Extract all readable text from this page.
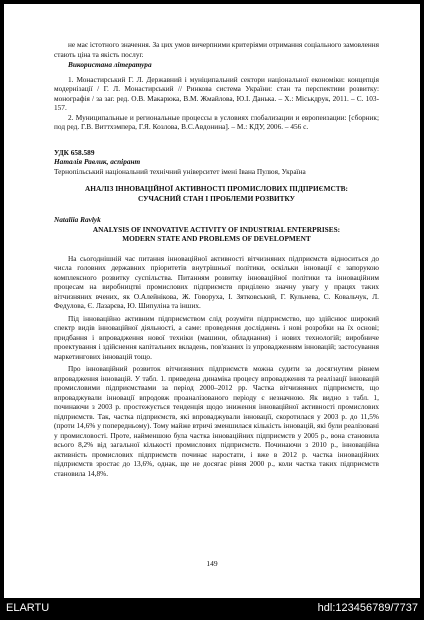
не має істотного значення. За цих умов вичерпними критеріями отримання соціального замовлення стають ціна та якість послуг.

Використана література

1. Монастирський Г. Л. Державний і муніципальний сектори національної економіки: концепція модернізації / Г. Л. Монастирський // Ринкова система України: стан та перспективи розвитку: монографія / за заг. ред. О.В. Макарюка, В.М. Жмайлова, Ю.І. Данька. – Х.: Міськдрук, 2011. – С. 103-157.

2. Муниципальные и региональные процессы в условиях глобализации и европеизации: [сборник; под ред. Г.В. Виттхэмпера, Г.Я. Козлова, В.С.Авдонина]. – М.: КДУ, 2006. – 456 с.

УДК 658.589

Наталія Равлик, аспірант

Тернопільський національний технічний університет імені Івана Пулюя, Україна

АНАЛІЗ ІННОВАЦІЙНОЇ АКТИВНОСТІ ПРОМИСЛОВИХ ПІДПРИЄМСТВ:
СУЧАСНИЙ СТАН І ПРОБЛЕМИ РОЗВИТКУ

Nataliia Ravlyk

ANALYSIS OF INNOVATIVE ACTIVITY OF INDUSTRIAL ENTERPRISES:
MODERN STATE AND PROBLEMS OF DEVELOPMENT

На сьогоднішній час питання інноваційної активності вітчизняних підприємств відноситься до числа головних державних пріоритетів внутрішньої політики, оскільки інновації є запорукою комплексного розвитку суспільства. Питанням розвитку інноваційної політики та інноваційним процесам на виробництві промислових підприємств приділено значну увагу у працях таких вітчизняних вчених, як О.Алейнікова, Ж. Говоруха, І. Зятковський, Г. Кульнева, С. Ковальчук, Л. Федулова, Є. Лазарєва, Ю. Шипуліна та інших.

Під інноваційно активним підприємством слід розуміти підприємство, що здійснює широкий спектр видів інноваційної діяльності, а саме: проведення досліджень і нові розробки на їх основі; придбання і впровадження нової техніки (машини, обладнання) і нових технологій; виробниче проектування і здійснення капітальних вкладень, пов'язаних із упровадженням інновацій; застосування маркетингових інновацій тощо.

Про інноваційний розвиток вітчизняних підприємств можна судити за досягнутим рівнем впровадження інновацій. У табл. 1. приведена динаміка процесу впровадження та реалізації інновацій промисловими підприємствами за період 2000–2012 рр. Частка вітчизняних підприємств, що впроваджували інновації впродовж проаналізованого періоду є незначною. Як видно з табл. 1, починаючи з 2003 р. простежується тенденція щодо зниження інноваційної активності промислових підприємств. Так, частка підприємств, які впроваджували інновації, скоротилася у 2003 р. до 11,5% (проти 14,6% у попередньому). Тому майже втричі зменшилася кількість інновацій, які були реалізовані у промисловості. Проте, найменшою була частка інноваційних підприємств у 2005 р., вона становила всього 8,2% від загальної кількості промислових підприємств. Починаючи з 2010 р., інноваційна активність промислових підприємств починає наростати, і вже в 2012 р. частка інноваційних підприємств зростає до 13,6%, однак, ще не досягає рівня 2000 р., коли частка таких підприємств становила 14,8%.

149
ELARTU	hdl:123456789/7737
